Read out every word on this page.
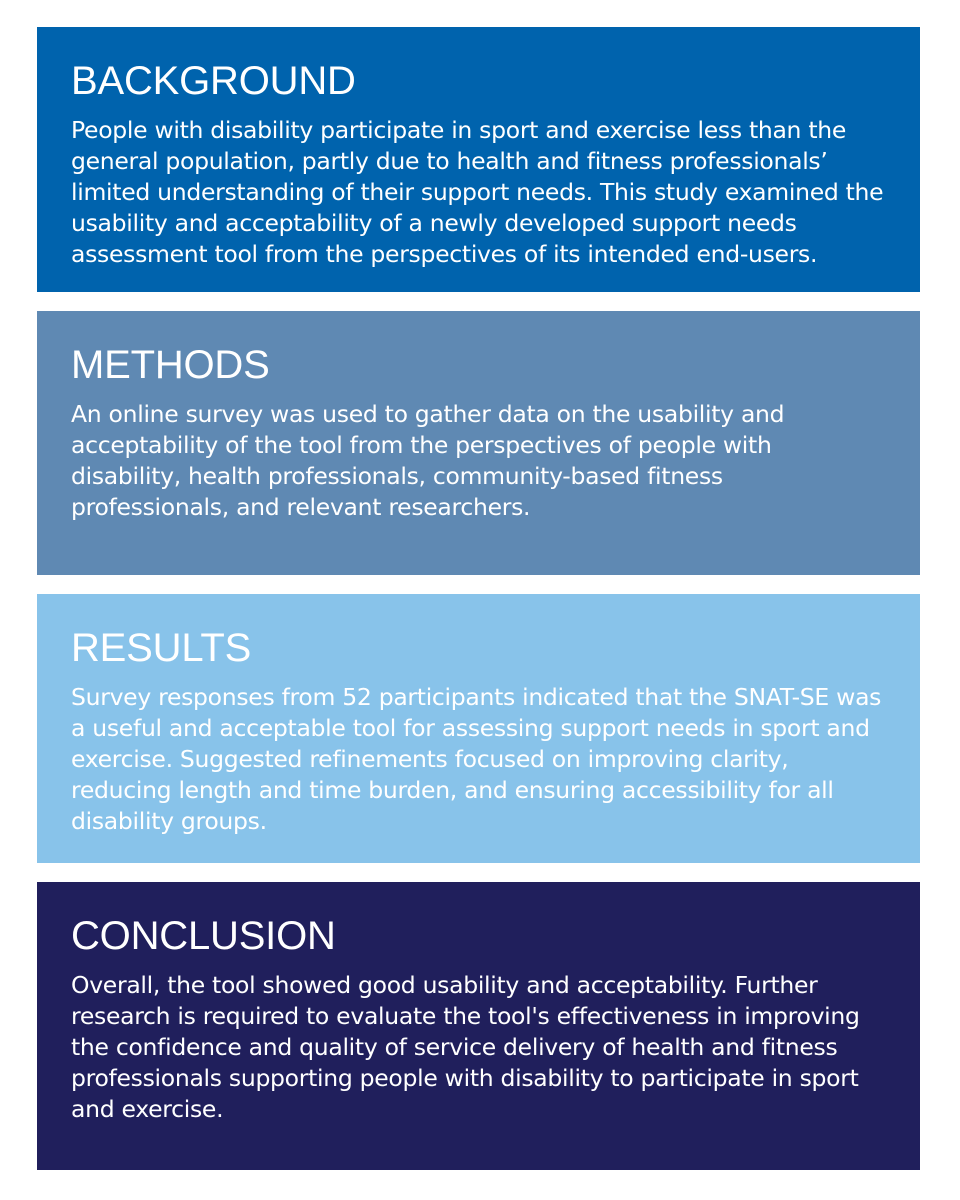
BACKGROUND

People with disability participate in sport and exercise less than the general population, partly due to health and fitness professionals’ limited understanding of their support needs. This study examined the usability and acceptability of a newly developed support needs assessment tool from the perspectives of its intended end-users.

METHODS

An online survey was used to gather data on the usability and acceptability of the tool from the perspectives of people with disability, health professionals, community-based fitness professionals, and relevant researchers.

RESULTS

Survey responses from 52 participants indicated that the SNAT-SE was a useful and acceptable tool for assessing support needs in sport and exercise. Suggested refinements focused on improving clarity, reducing length and time burden, and ensuring accessibility for all disability groups.

CONCLUSION

Overall, the tool showed good usability and acceptability. Further research is required to evaluate the tool's effectiveness in improving the confidence and quality of service delivery of health and fitness professionals supporting people with disability to participate in sport and exercise.
